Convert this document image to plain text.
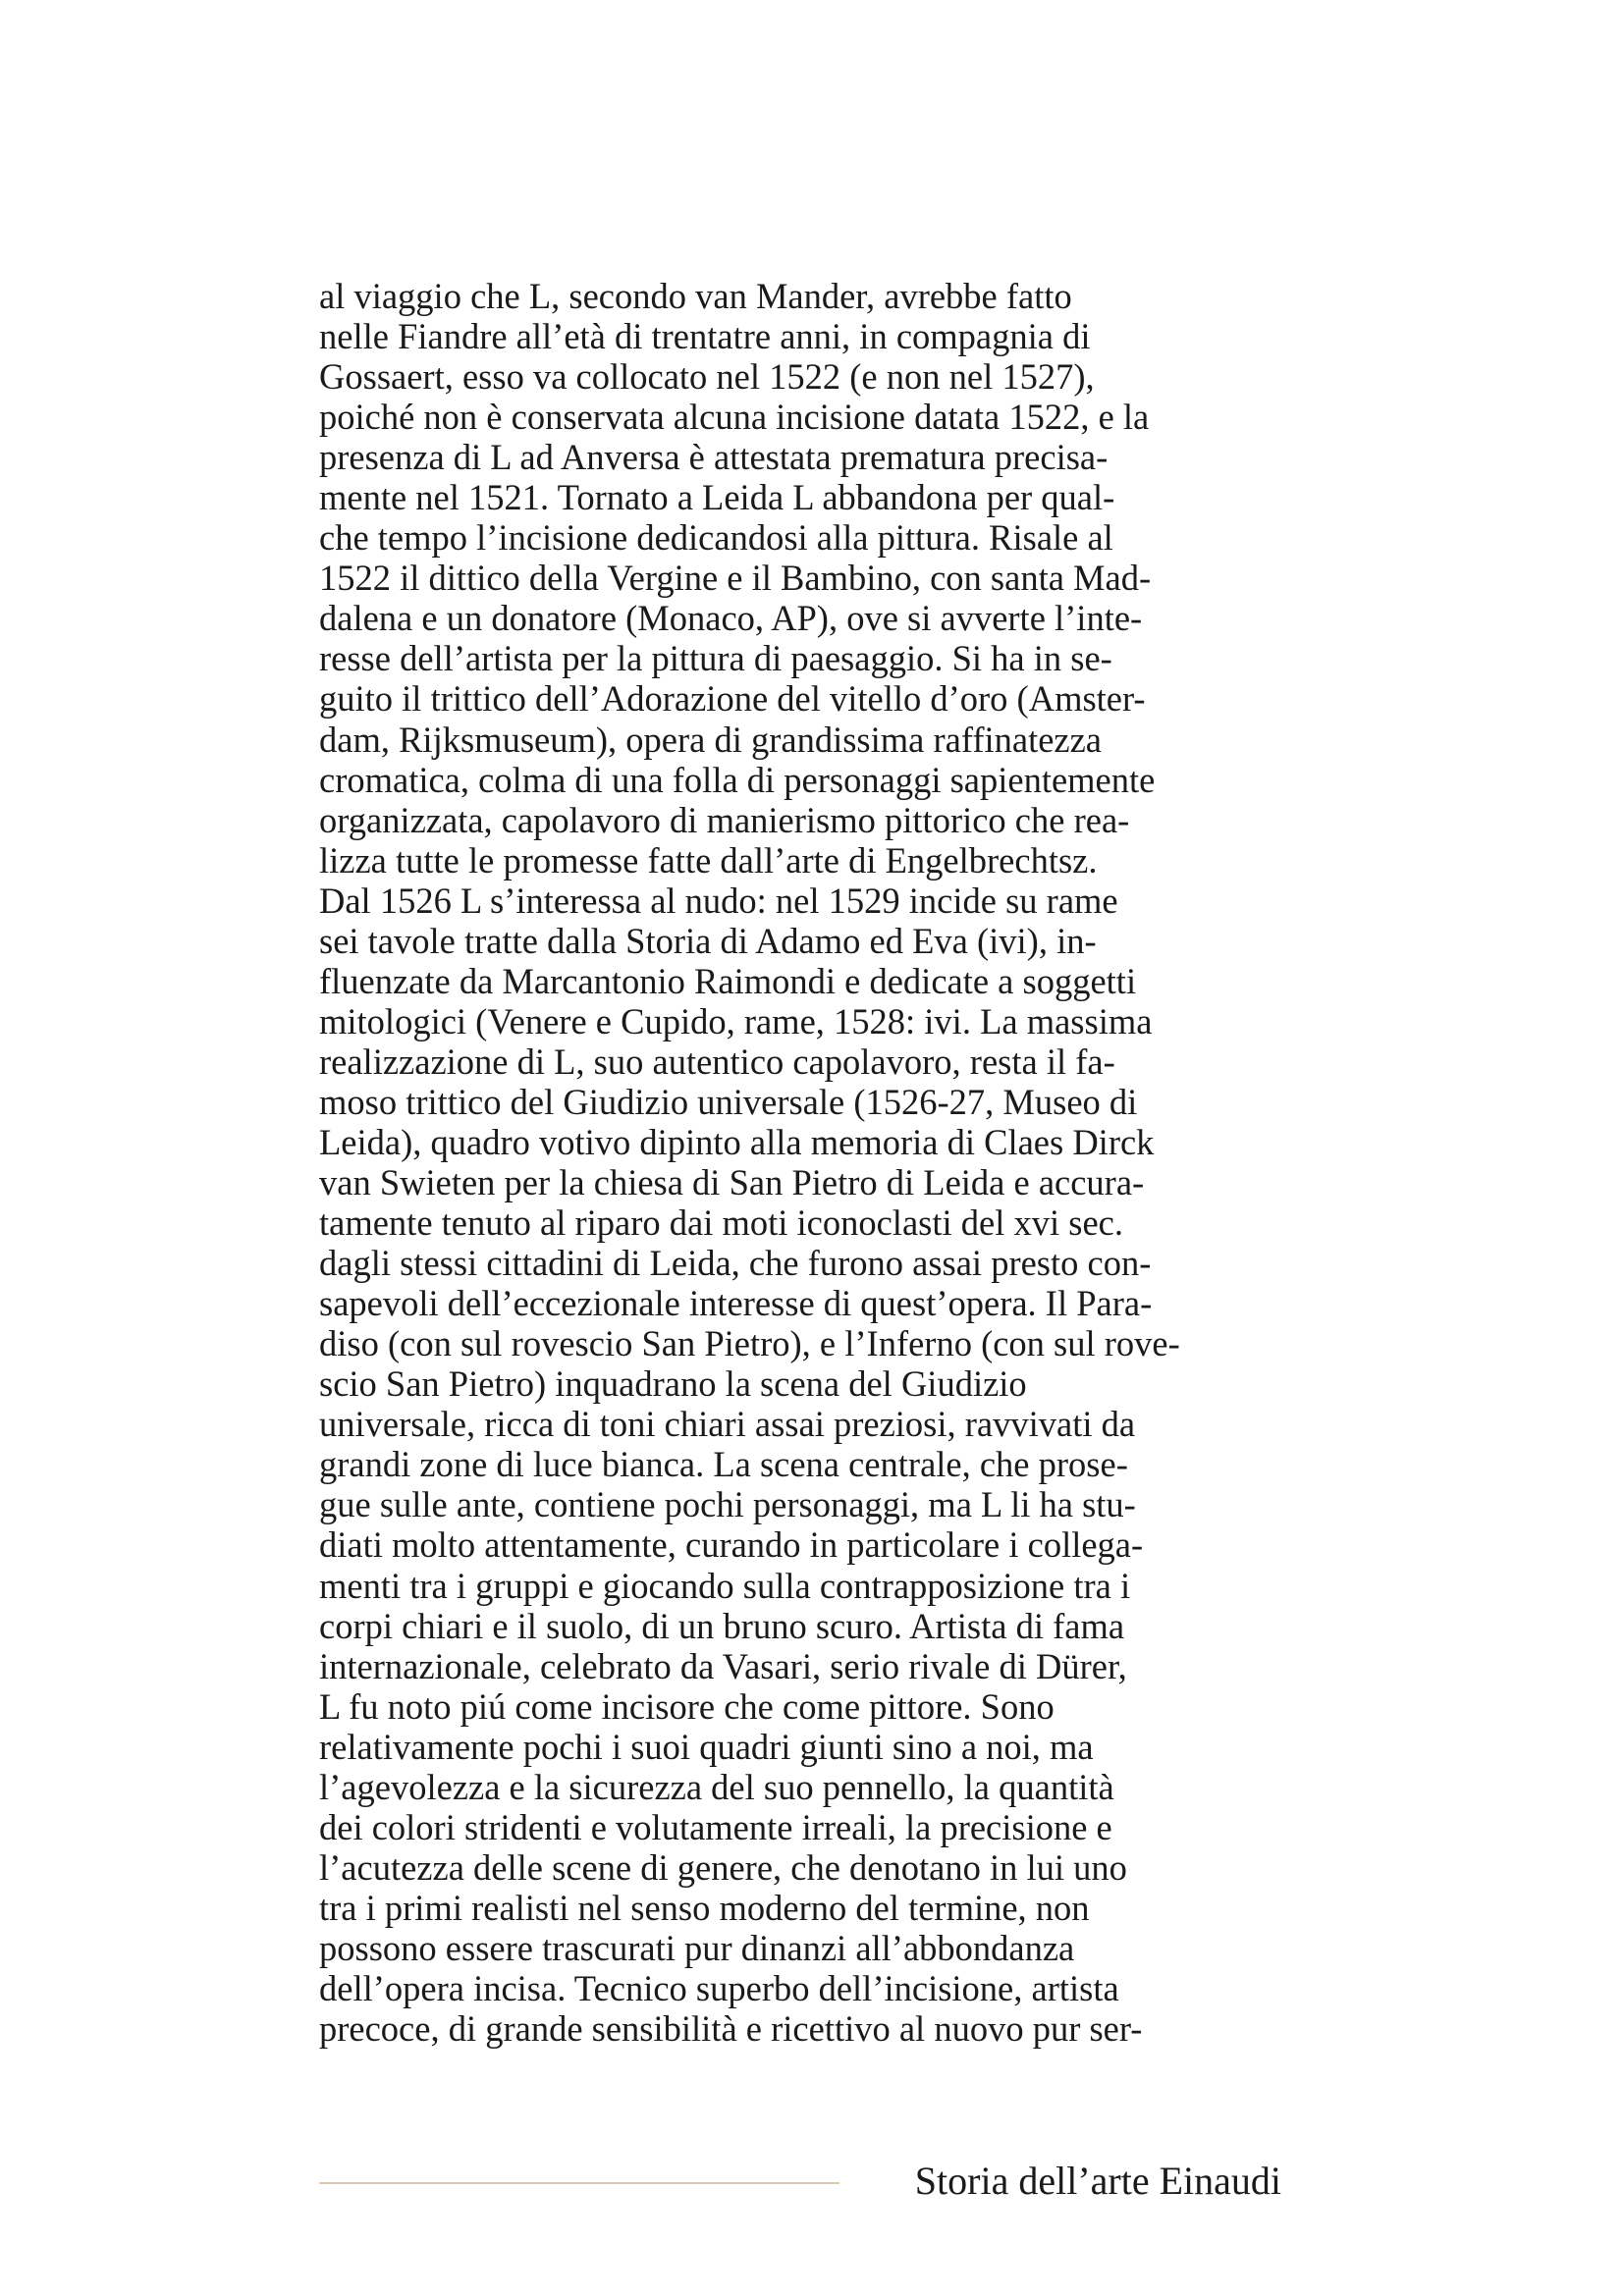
al viaggio che L, secondo van Mander, avrebbe fatto
nelle Fiandre all’età di trentatre anni, in compagnia di
Gossaert, esso va collocato nel 1522 (e non nel 1527),
poiché non è conservata alcuna incisione datata 1522, e la
presenza di L ad Anversa è attestata prematura precisa-
mente nel 1521. Tornato a Leida L abbandona per qual-
che tempo l’incisione dedicandosi alla pittura. Risale al
1522 il dittico della Vergine e il Bambino, con santa Mad-
dalena e un donatore (Monaco, AP), ove si avverte l’inte-
resse dell’artista per la pittura di paesaggio. Si ha in se-
guito il trittico dell’Adorazione del vitello d’oro (Amster-
dam, Rijksmuseum), opera di grandissima raffinatezza
cromatica, colma di una folla di personaggi sapientemente
organizzata, capolavoro di manierismo pittorico che rea-
lizza tutte le promesse fatte dall’arte di Engelbrechtsz.
Dal 1526 L s’interessa al nudo: nel 1529 incide su rame
sei tavole tratte dalla Storia di Adamo ed Eva (ivi), in-
fluenzate da Marcantonio Raimondi e dedicate a soggetti
mitologici (Venere e Cupido, rame, 1528: ivi. La massima
realizzazione di L, suo autentico capolavoro, resta il fa-
moso trittico del Giudizio universale (1526-27, Museo di
Leida), quadro votivo dipinto alla memoria di Claes Dirck
van Swieten per la chiesa di San Pietro di Leida e accura-
tamente tenuto al riparo dai moti iconoclasti del xvi sec.
dagli stessi cittadini di Leida, che furono assai presto con-
sapevoli dell’eccezionale interesse di quest’opera. Il Para-
diso (con sul rovescio San Pietro), e l’Inferno (con sul rove-
scio San Pietro) inquadrano la scena del Giudizio
universale, ricca di toni chiari assai preziosi, ravvivati da
grandi zone di luce bianca. La scena centrale, che prose-
gue sulle ante, contiene pochi personaggi, ma L li ha stu-
diati molto attentamente, curando in particolare i collega-
menti tra i gruppi e giocando sulla contrapposizione tra i
corpi chiari e il suolo, di un bruno scuro. Artista di fama
internazionale, celebrato da Vasari, serio rivale di Dürer,
L fu noto piú come incisore che come pittore. Sono
relativamente pochi i suoi quadri giunti sino a noi, ma
l’agevolezza e la sicurezza del suo pennello, la quantità
dei colori stridenti e volutamente irreali, la precisione e
l’acutezza delle scene di genere, che denotano in lui uno
tra i primi realisti nel senso moderno del termine, non
possono essere trascurati pur dinanzi all’abbondanza
dell’opera incisa. Tecnico superbo dell’incisione, artista
precoce, di grande sensibilità e ricettivo al nuovo pur ser-
Storia dell’arte Einaudi
